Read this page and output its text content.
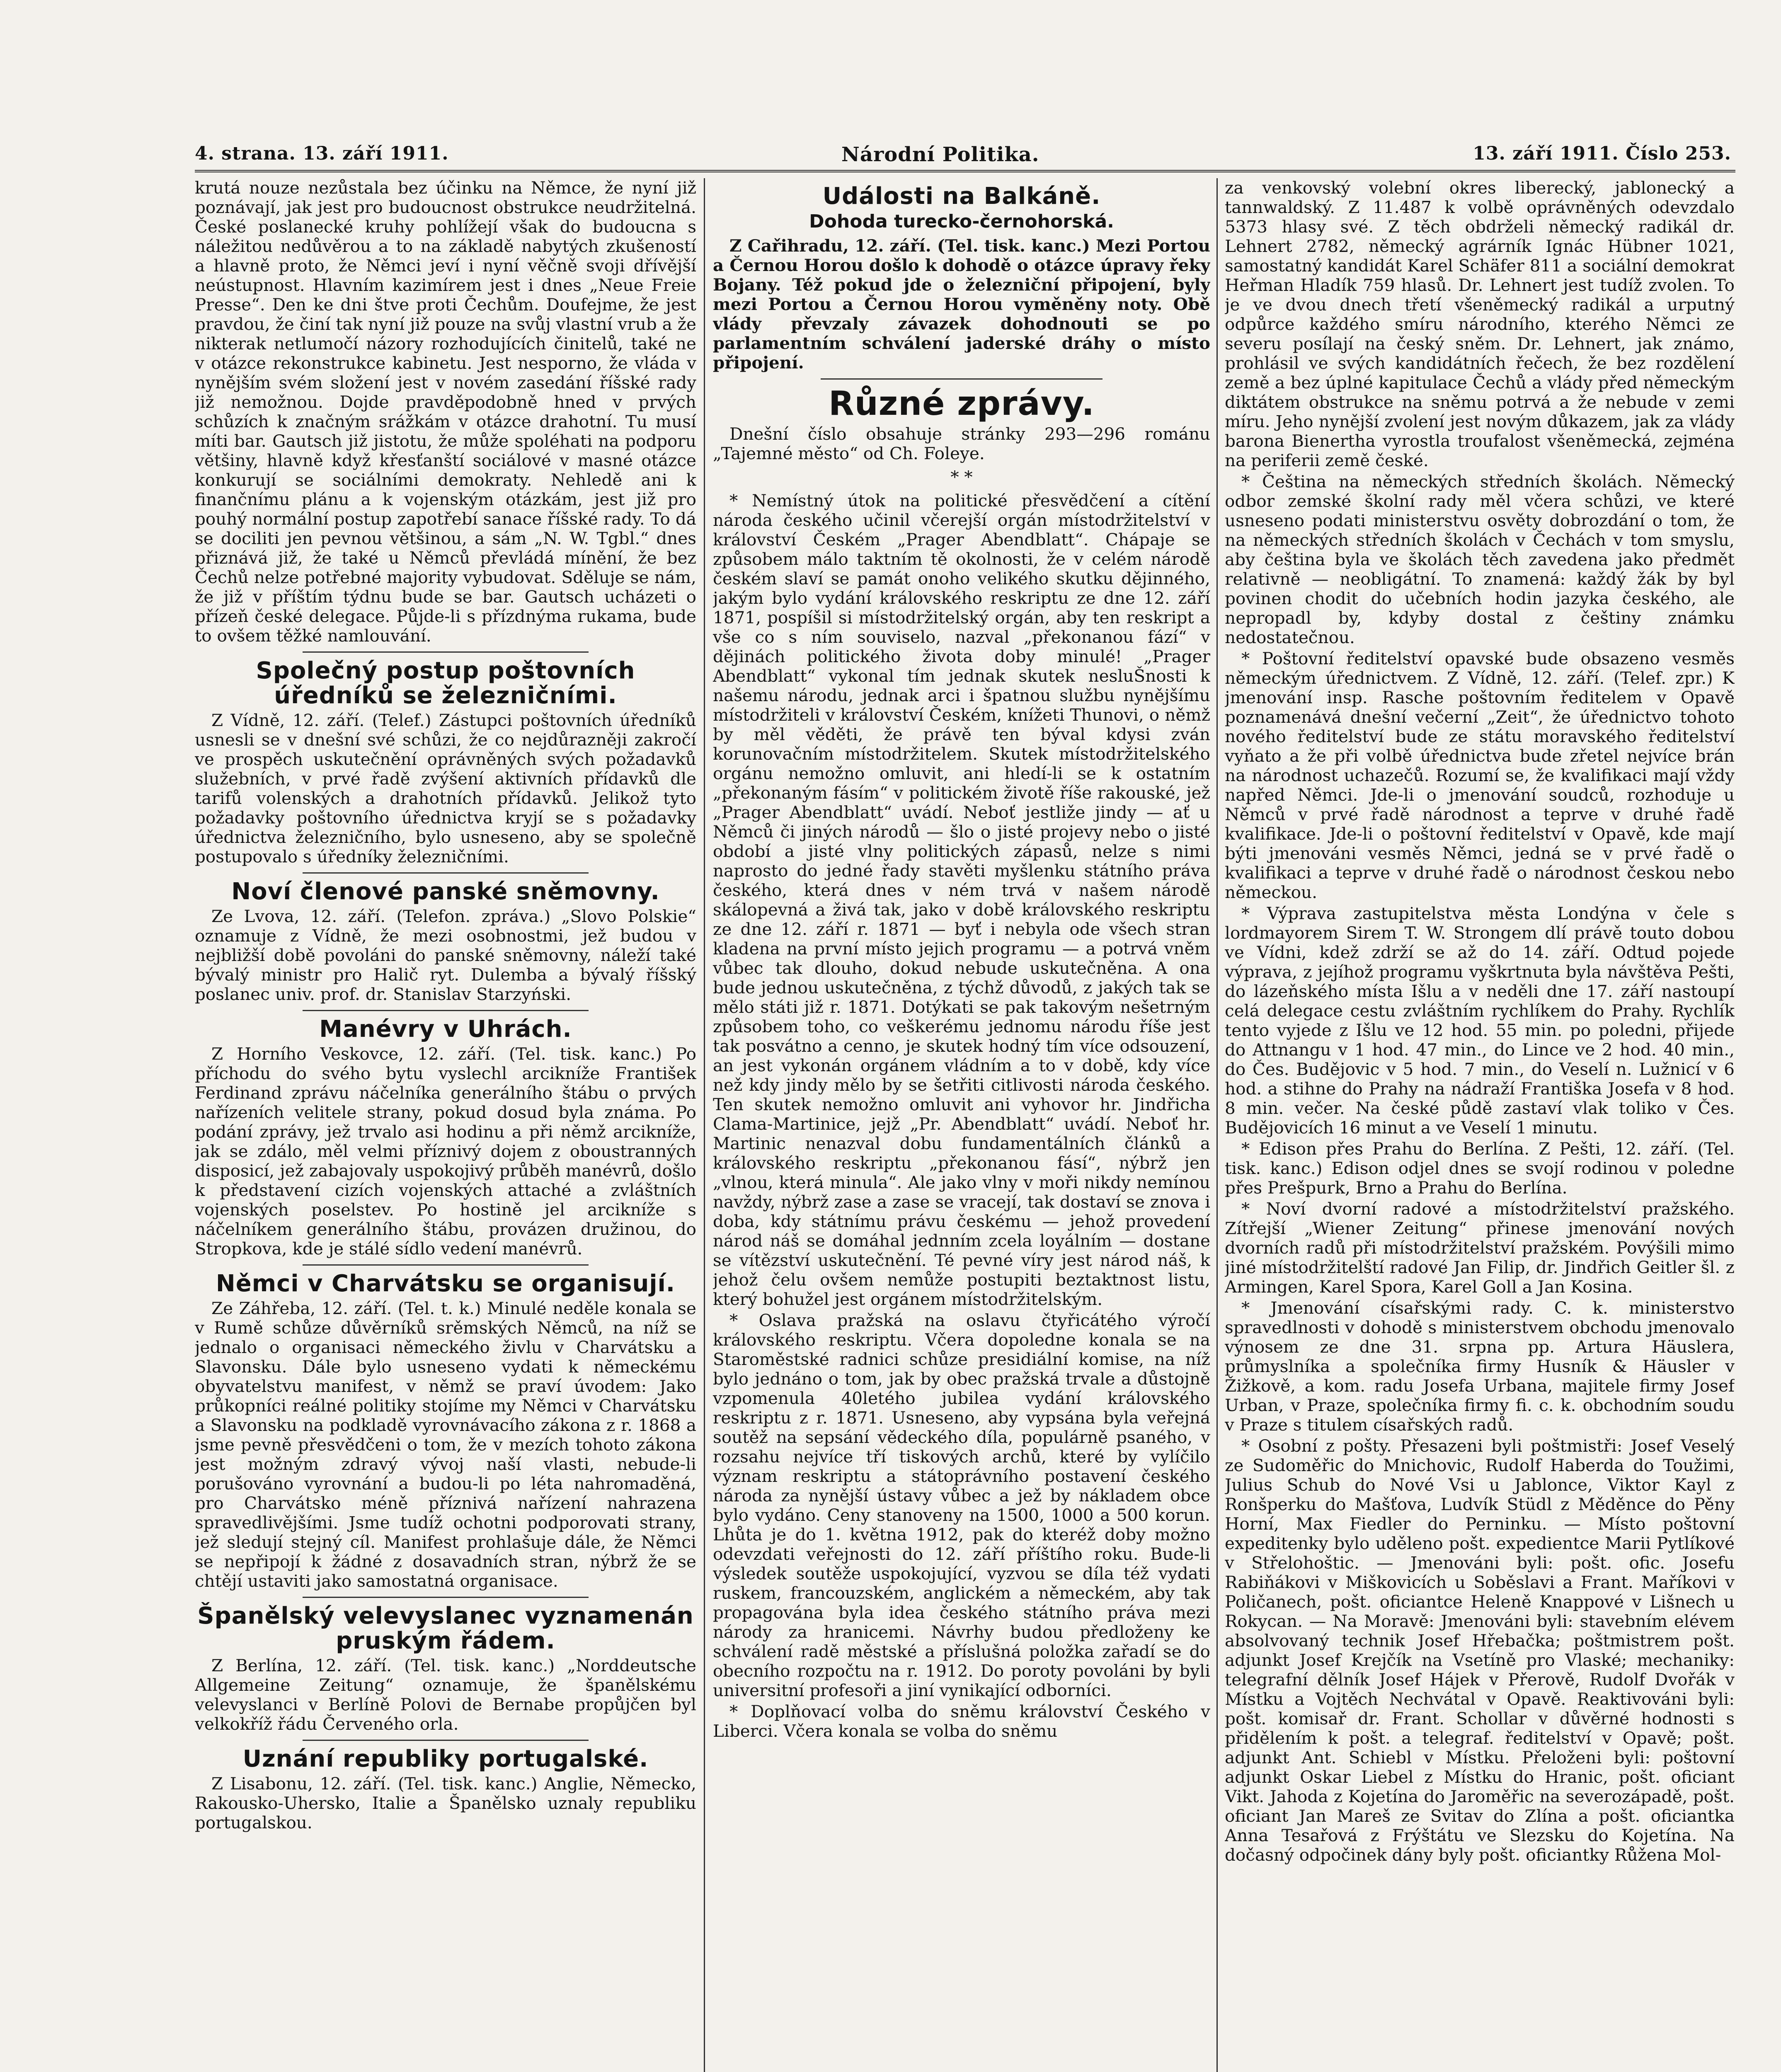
4. strana. 13. září 1911.	Národní Politika.	13. září 1911. Číslo 253.

krutá nouze nezůstala bez účinku na Němce, že nyní již poznávají, jak jest pro budoucnost obstrukce neudržitelná. České poslanecké kruhy pohlížejí však do budoucna s náležitou nedůvěrou a to na základě nabytých zkušeností a hlavně proto, že Němci jeví i nyní věčně svoji dřívější neústupnost. Hlavním kazimírem jest i dnes „Neue Freie Presse“. Den ke dni štve proti Čechům. Doufejme, že jest pravdou, že činí tak nyní již pouze na svůj vlastní vrub a že nikterak netlumočí názory rozhodujících činitelů, také ne v otázce rekonstrukce kabinetu. Jest nesporno, že vláda v nynějším svém složení jest v novém zasedání říšské rady již nemožnou. Dojde pravděpodobně hned v prvých schůzích k značným srážkám v otázce drahotní. Tu musí míti bar. Gautsch již jistotu, že může spoléhati na podporu většiny, hlavně když křesťanští sociálové v masné otázce konkurují se sociálními demokraty. Nehledě ani k finančnímu plánu a k vojenským otázkám, jest již pro pouhý normální postup zapotřebí sanace říšské rady. To dá se dociliti jen pevnou většinou, a sám „N. W. Tgbl.“ dnes přiznává již, že také u Němců převládá mínění, že bez Čechů nelze potřebné majority vybudovat. Sděluje se nám, že již v příštím týdnu bude se bar. Gautsch ucházeti o přízeň české delegace. Půjde-li s přízdnýma rukama, bude to ovšem těžké namlouvání.

Společný postup poštovních úředníků se železničními.

Z Vídně, 12. září. (Telef.) Zástupci poštovních úředníků usnesli se v dnešní své schůzi, že co nejdůrazněji zakročí ve prospěch uskutečnění oprávněných svých požadavků služebních, v prvé řadě zvýšení aktivních přídavků dle tarifů volenských a drahotních přídavků. Jelikož tyto požadavky poštovního úřednictva kryjí se s požadavky úřednictva železničního, bylo usneseno, aby se společně postupovalo s úředníky železničními.

Noví členové panské sněmovny.

Ze Lvova, 12. září. (Telefon. zpráva.) „Slovo Polskie“ oznamuje z Vídně, že mezi osobnostmi, jež budou v nejbližší době povoláni do panské sněmovny, náleží také bývalý ministr pro Halič ryt. Dulemba a bývalý říšský poslanec univ. prof. dr. Stanislav Starzyński.

Manévry v Uhrách.

Z Horního Veskovce, 12. září. (Tel. tisk. kanc.) Po příchodu do svého bytu vyslechl arcikníže František Ferdinand zprávu náčelníka generálního štábu o prvých nařízeních velitele strany, pokud dosud byla známa. Po podání zprávy, jež trvalo asi hodinu a při němž arcikníže, jak se zdálo, měl velmi příznivý dojem z oboustranných disposicí, jež zabajovaly uspokojivý průběh manévrů, došlo k představení cizích vojenských attaché a zvláštních vojenských poselstev. Po hostině jel arcikníže s náčelníkem generálního štábu, provázen družinou, do Stropkova, kde je stálé sídlo vedení manévrů.

Němci v Charvátsku se organisují.

Ze Záhřeba, 12. září. (Tel. t. k.) Minulé neděle konala se v Rumě schůze důvěrníků srěmských Němců, na níž se jednalo o organisaci německého živlu v Charvátsku a Slavonsku. Dále bylo usneseno vydati k německému obyvatelstvu manifest, v němž se praví úvodem: Jako průkopníci reálné politiky stojíme my Němci v Charvátsku a Slavonsku na podkladě vyrovnávacího zákona z r. 1868 a jsme pevně přesvědčeni o tom, že v mezích tohoto zákona jest možným zdravý vývoj naší vlasti, nebude-li porušováno vyrovnání a budou-li po léta nahromaděná, pro Charvátsko méně příznivá nařízení nahrazena spravedlivějšími. Jsme tudíž ochotni podporovati strany, jež sledují stejný cíl. Manifest prohlašuje dále, že Němci se nepřipojí k žádné z dosavadních stran, nýbrž že se chtějí ustaviti jako samostatná organisace.

Španělský velevyslanec vyznamenán pruským řádem.

Z Berlína, 12. září. (Tel. tisk. kanc.) „Norddeutsche Allgemeine Zeitung“ oznamuje, že španělskému velevyslanci v Berlíně Polovi de Bernabe propůjčen byl velkokříž řádu Červeného orla.

Uznání republiky portugalské.

Z Lisabonu, 12. září. (Tel. tisk. kanc.) Anglie, Německo, Rakousko-Uhersko, Italie a Španělsko uznaly republiku portugalskou.

Události na Balkáně.
Dohoda turecko-černohorská.

Z Cařihradu, 12. září. (Tel. tisk. kanc.) Mezi Portou a Černou Horou došlo k dohodě o otázce úpravy řeky Bojany. Též pokud jde o železniční připojení, byly mezi Portou a Černou Horou vyměněny noty. Obě vlády převzaly závazek dohodnouti se po parlamentním schválení jaderské dráhy o místo připojení.

Různé zprávy.

Dnešní číslo obsahuje stránky 293—296 románu „Tajemné město“ od Ch. Foleye.

* *

* Nemístný útok na politické přesvědčení a cítění národa českého učinil včerejší orgán místodržitelství v království Českém „Prager Abendblatt“. Chápaje se způsobem málo taktním tě okolnosti, že v celém národě českém slaví se památ onoho velikého skutku dějinného, jakým bylo vydání královského reskriptu ze dne 12. září 1871, pospíšil si místodržitelský orgán, aby ten reskript a vše co s ním souviselo, nazval „překonanou fází“ v dějinách politického života doby minulé! „Prager Abendblatt“ vykonal tím jednak skutek nesluŠnosti k našemu národu, jednak arci i špatnou službu nynějšímu místodržiteli v království Českém, knížeti Thunovi, o němž by měl věděti, že právě ten býval kdysi zván korunovačním místodržitelem. Skutek místodržitelského orgánu nemožno omluvit, ani hledí-li se k ostatním „překonaným fásím“ v politickém životě říše rakouské, jež „Prager Abendblatt“ uvádí. Neboť jestliže jindy — ať u Němců či jiných národů — šlo o jisté projevy nebo o jisté období a jisté vlny politických zápasů, nelze s nimi naprosto do jedné řady stavěti myšlenku státního práva českého, která dnes v ném trvá v našem národě skálopevná a živá tak, jako v době královského reskriptu ze dne 12. září r. 1871 — byť i nebyla ode všech stran kladena na první místo jejich programu — a potrvá vněm vůbec tak dlouho, dokud nebude uskutečněna. A ona bude jednou uskutečněna, z týchž důvodů, z jakých tak se mělo státi již r. 1871. Dotýkati se pak takovým nešetrným způsobem toho, co veškerému jednomu národu říše jest tak posvátno a cenno, je skutek hodný tím více odsouzení, an jest vykonán orgánem vládním a to v době, kdy více než kdy jindy mělo by se šetřiti citlivosti národa českého. Ten skutek nemožno omluvit ani vyhovor hr. Jindřicha Clama-Martinice, jejž „Pr. Abendblatt“ uvádí. Neboť hr. Martinic nenazval dobu fundamentálních článků a královského reskriptu „překonanou fásí“, nýbrž jen „vlnou, která minula“. Ale jako vlny v moři nikdy nemínou navždy, nýbrž zase a zase se vracejí, tak dostaví se znova i doba, kdy státnímu právu českému — jehož provedení národ náš se domáhal jednním zcela loyálním — dostane se vítězství uskutečnění. Té pevné víry jest národ náš, k jehož čelu ovšem nemůže postupiti beztaktnost listu, který bohužel jest orgánem místodržitelským.

* Oslava pražská na oslavu čtyřicátého výročí královského reskriptu. Včera dopoledne konala se na Staroměstské radnici schůze presidiální komise, na níž bylo jednáno o tom, jak by obec pražská trvale a důstojně vzpomenula 40letého jubilea vydání královského reskriptu z r. 1871. Usneseno, aby vypsána byla veřejná soutěž na sepsání vědeckého díla, populárně psaného, v rozsahu nejvíce tří tiskových archů, které by vylíčilo význam reskriptu a státoprávního postavení českého národa za nynější ústavy vůbec a jež by nákladem obce bylo vydáno. Ceny stanoveny na 1500, 1000 a 500 korun. Lhůta je do 1. května 1912, pak do kteréž doby možno odevzdati veřejnosti do 12. září příštího roku. Bude-li výsledek soutěže uspokojující, vyzvou se díla též vydati ruskem, francouzském, anglickém a německém, aby tak propagována byla idea českého státního práva mezi národy za hranicemi. Návrhy budou předloženy ke schválení radě městské a příslušná položka zařadí se do obecního rozpočtu na r. 1912. Do poroty povoláni by byli universitní profesoři a jiní vynikající odborníci.

* Doplňovací volba do sněmu království Českého v Liberci. Včera konala se volba do sněmu

za venkovský volební okres liberecký, jablonecký a tannwaldský. Z 11.487 k volbě oprávněných odevzdalo 5373 hlasy své. Z těch obdrželi německý radikál dr. Lehnert 2782, německý agrárník Ignác Hübner 1021, samostatný kandidát Karel Schäfer 811 a sociální demokrat Heřman Hladík 759 hlasů. Dr. Lehnert jest tudíž zvolen. To je ve dvou dnech třetí všeněmecký radikál a urputný odpůrce každého smíru národního, kterého Němci ze severu posílají na český sněm. Dr. Lehnert, jak známo, prohlásil ve svých kandidátních řečech, že bez rozdělení země a bez úplné kapitulace Čechů a vlády před německým diktátem obstrukce na sněmu potrvá a že nebude v zemi míru. Jeho nynější zvolení jest novým důkazem, jak za vlády barona Bienertha vyrostla troufalost všeněmecká, zejména na periferii země české.

* Čeština na německých středních školách. Německý odbor zemské školní rady měl včera schůzi, ve které usneseno podati ministerstvu osvěty dobrozdání o tom, že na německých středních školách v Čechách v tom smyslu, aby čeština byla ve školách těch zavedena jako předmět relativně — neobligátní. To znamená: každý žák by byl povinen chodit do učebních hodin jazyka českého, ale nepropadl by, kdyby dostal z češtiny známku nedostatečnou.

* Poštovní ředitelství opavské bude obsazeno vesměs německým úřednictvem. Z Vídně, 12. září. (Telef. zpr.) K jmenování insp. Rasche poštovním ředitelem v Opavě poznamenává dnešní večerní „Zeit“, že úřednictvo tohoto nového ředitelství bude ze státu moravského ředitelství vyňato a že při volbě úřednictva bude zřetel nejvíce brán na národnost uchazečů. Rozumí se, že kvalifikaci mají vždy napřed Němci. Jde-li o jmenování soudců, rozhoduje u Němců v prvé řadě národnost a teprve v druhé řadě kvalifikace. Jde-li o poštovní ředitelství v Opavě, kde mají býti jmenováni vesměs Němci, jedná se v prvé řadě o kvalifikaci a teprve v druhé řadě o národnost českou nebo německou.

* Výprava zastupitelstva města Londýna v čele s lordmayorem Sirem T. W. Strongem dlí právě touto dobou ve Vídni, kdež zdrží se až do 14. září. Odtud pojede výprava, z jejíhož programu vyškrtnuta byla návštěva Pešti, do lázeňského místa Išlu a v neděli dne 17. září nastoupí celá delegace cestu zvláštním rychlíkem do Prahy. Rychlík tento vyjede z Išlu ve 12 hod. 55 min. po poledni, přijede do Attnangu v 1 hod. 47 min., do Lince ve 2 hod. 40 min., do Čes. Budějovic v 5 hod. 7 min., do Veselí n. Lužnicí v 6 hod. a stihne do Prahy na nádraží Františka Josefa v 8 hod. 8 min. večer. Na české půdě zastaví vlak toliko v Čes. Budějovicích 16 minut a ve Veselí 1 minutu.

* Edison přes Prahu do Berlína. Z Pešti, 12. září. (Tel. tisk. kanc.) Edison odjel dnes se svojí rodinou v poledne přes Prešpurk, Brno a Prahu do Berlína.

* Noví dvorní radové a místodržitelství pražského. Zítřejší „Wiener Zeitung“ přinese jmenování nových dvorních radů při místodržitelství pražském. Povýšili mimo jiné místodržitelští radové Jan Filip, dr. Jindřich Geitler šl. z Armingen, Karel Spora, Karel Goll a Jan Kosina.

* Jmenování císařskými rady. C. k. ministerstvo spravedlnosti v dohodě s ministerstvem obchodu jmenovalo výnosem ze dne 31. srpna pp. Artura Häuslera, průmyslníka a společníka firmy Husník & Häusler v Žižkově, a kom. radu Josefa Urbana, majitele firmy Josef Urban, v Praze, společníka firmy fi. c. k. obchodním soudu v Praze s titulem císařských radů.

* Osobní z pošty. Přesazeni byli poštmistři: Josef Veselý ze Sudoměřic do Mnichovic, Rudolf Haberda do Toužimi, Julius Schub do Nové Vsi u Jablonce, Viktor Kayl z Ronšperku do Mašťova, Ludvík Stüdl z Měděnce do Pěny Horní, Max Fiedler do Perninku. — Místo poštovní expeditenky bylo uděleno pošt. expedientce Marii Pytlíkové v Střelohoštic. — Jmenováni byli: pošt. ofic. Josefu Rabiňákovi v Miškovicích u Soběslavi a Frant. Maříkovi v Poličanech, pošt. oficiantce Heleně Knappové v Lišnech u Rokycan. — Na Moravě: Jmenováni byli: stavebním elévem absolvovaný technik Josef Hřebačka; poštmistrem pošt. adjunkt Josef Krejčík na Vsetíně pro Vlaské; mechaniky: telegrafní dělník Josef Hájek v Přerově, Rudolf Dvořák v Místku a Vojtěch Nechvátal v Opavě. Reaktivováni byli: pošt. komisař dr. Frant. Schollar v důvěrné hodnosti s přidělením k pošt. a telegraf. ředitelství v Opavě; pošt. adjunkt Ant. Schiebl v Místku. Přeloženi byli: poštovní adjunkt Oskar Liebel z Místku do Hranic, pošt. oficiant Vikt. Jahoda z Kojetína do Jaroměřic na severozápadě, pošt. oficiant Jan Mareš ze Svitav do Zlína a pošt. oficiantka Anna Tesařová z Frýštátu ve Slezsku do Kojetína. Na dočasný odpočinek dány byly pošt. oficiantky Růžena Mol-
